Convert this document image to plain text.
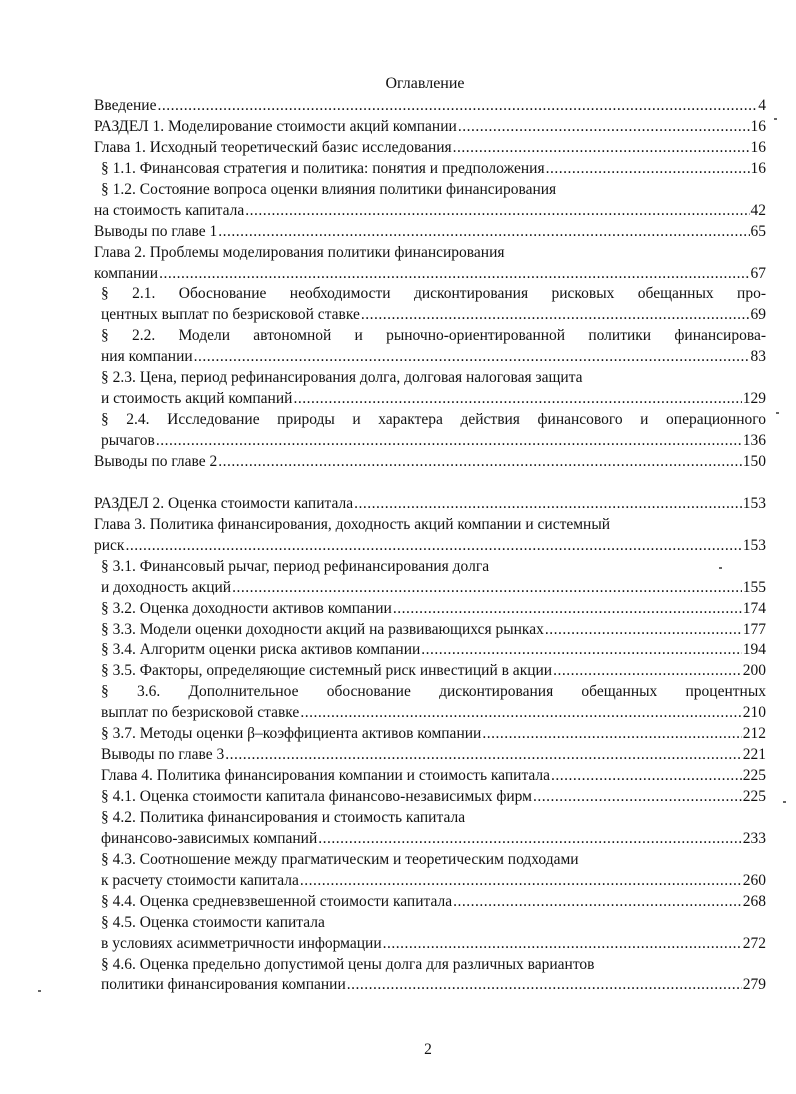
Оглавление
Введение .....	4
РАЗДЕЛ 1. Моделирование стоимости акций компании .....	16
Глава 1. Исходный теоретический базис исследования .....	16
§ 1.1. Финансовая стратегия и политика: понятия и предположения .....	16
§ 1.2. Состояние вопроса оценки влияния политики финансирования
на стоимость капитала .....	42
Выводы по главе 1 .....	65
Глава 2. Проблемы моделирования политики финансирования
компании .....	67
§ 2.1. Обоснование необходимости дисконтирования рисковых обещанных про-
центных выплат по безрисковой ставке .....	69
§ 2.2. Модели автономной и рыночно-ориентированной политики финансирова-
ния компании .....	83
§ 2.3. Цена, период рефинансирования долга, долговая налоговая защита
и стоимость акций компаний .....	129
§ 2.4. Исследование природы и характера действия финансового и операционного
рычагов .....	136
Выводы по главе 2 .....	150
РАЗДЕЛ 2. Оценка стоимости капитала .....	153
Глава 3. Политика финансирования, доходность акций компании и системный
риск .....	153
§ 3.1. Финансовый рычаг, период рефинансирования долга
и доходность акций .....	155
§ 3.2. Оценка доходности активов компании .....	174
§ 3.3. Модели оценки доходности акций на развивающихся рынках .....	177
§ 3.4. Алгоритм оценки риска активов компании .....	194
§ 3.5. Факторы, определяющие системный риск инвестиций в акции .....	200
§ 3.6. Дополнительное обоснование дисконтирования обещанных процентных
выплат по безрисковой ставке .....	210
§ 3.7. Методы оценки β–коэффициента активов компании .....	212
Выводы по главе 3 .....	221
Глава 4. Политика финансирования компании и стоимость капитала .....	225
§ 4.1. Оценка стоимости капитала финансово-независимых фирм .....	225
§ 4.2. Политика финансирования и стоимость капитала
финансово-зависимых компаний .....	233
§ 4.3. Соотношение между прагматическим и теоретическим подходами
к расчету стоимости капитала .....	260
§ 4.4. Оценка средневзвешенной стоимости капитала .....	268
§ 4.5. Оценка стоимости капитала
в условиях асимметричности информации .....	272
§ 4.6. Оценка предельно допустимой цены долга для различных вариантов
политики финансирования компании .....	279
2
